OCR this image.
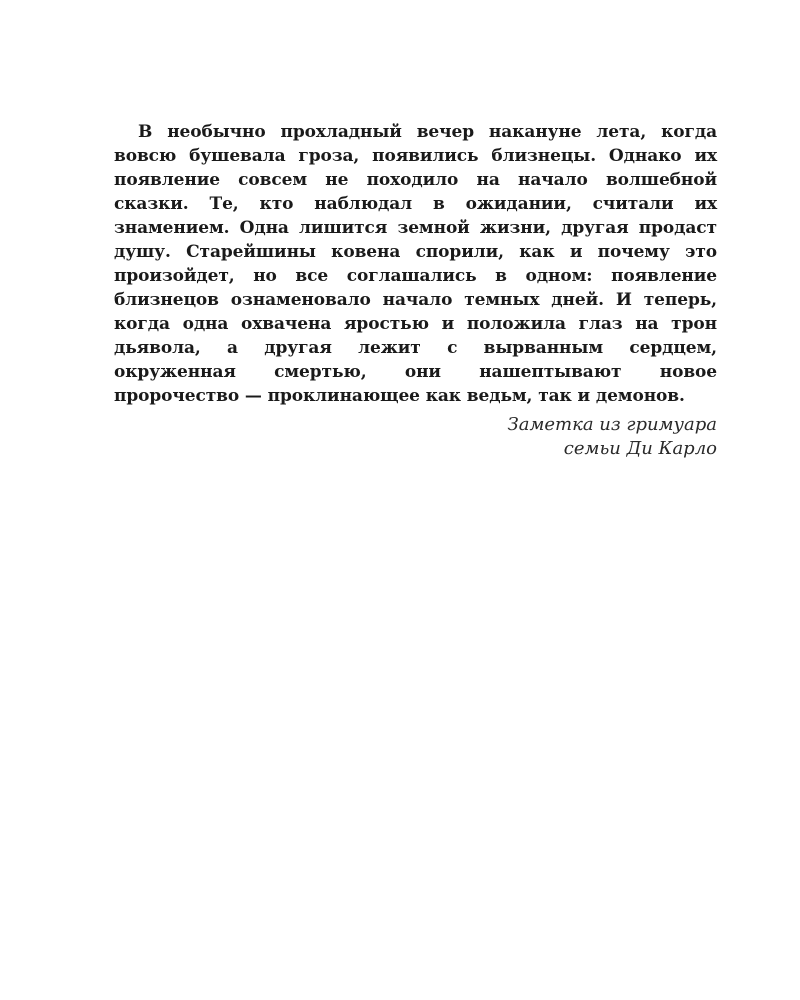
В необычно прохладный вечер накануне лета, когда вовсю бушевала гроза, появились близнецы. Однако их появление совсем не походило на начало волшебной сказки. Те, кто наблюдал в ожидании, считали их знамением. Одна лишится земной жизни, другая продаст душу. Старейшины ковена спорили, как и почему это произойдет, но все соглашались в одном: появление близнецов ознаменовало начало темных дней. И теперь, когда одна охвачена яростью и положила глаз на трон дьявола, а другая лежит с вырванным сердцем, окруженная смертью, они нашептывают новое пророчество — проклинающее как ведьм, так и демонов.

Заметка из гримуара
семьи Ди Карло
